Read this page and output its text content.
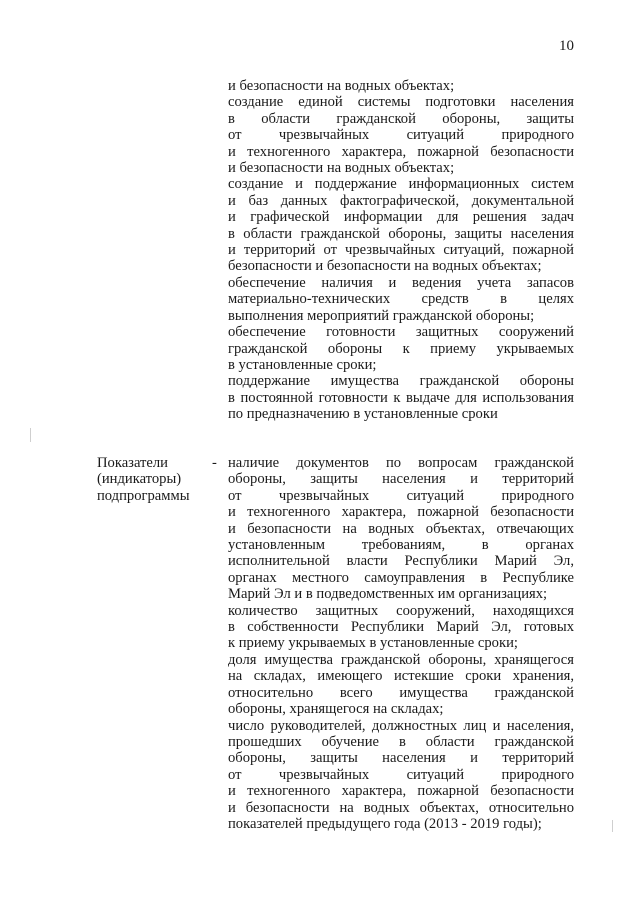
10
и безопасности на водных объектах;
создание единой системы подготовки населения
в области гражданской обороны, защиты
от чрезвычайных ситуаций природного
и техногенного характера, пожарной безопасности
и безопасности на водных объектах;
создание и поддержание информационных систем
и баз данных фактографической, документальной
и графической информации для решения задач
в области гражданской обороны, защиты населения
и территорий от чрезвычайных ситуаций, пожарной
безопасности и безопасности на водных объектах;
обеспечение наличия и ведения учета запасов
материально-технических средств в целях
выполнения мероприятий гражданской обороны;
обеспечение готовности защитных сооружений
гражданской обороны к приему укрываемых
в установленные сроки;
поддержание имущества гражданской обороны
в постоянной готовности к выдаче для использования
по предназначению в установленные сроки
Показатели
(индикаторы)
подпрограммы
- наличие документов по вопросам гражданской
обороны, защиты населения и территорий
от чрезвычайных ситуаций природного
и техногенного характера, пожарной безопасности
и безопасности на водных объектах, отвечающих
установленным требованиям, в органах
исполнительной власти Республики Марий Эл,
органах местного самоуправления в Республике
Марий Эл и в подведомственных им организациях;
количество защитных сооружений, находящихся
в собственности Республики Марий Эл, готовых
к приему укрываемых в установленные сроки;
доля имущества гражданской обороны, хранящегося
на складах, имеющего истекшие сроки хранения,
относительно всего имущества гражданской
обороны, хранящегося на складах;
число руководителей, должностных лиц и населения,
прошедших обучение в области гражданской
обороны, защиты населения и территорий
от чрезвычайных ситуаций природного
и техногенного характера, пожарной безопасности
и безопасности на водных объектах, относительно
показателей предыдущего года (2013 - 2019 годы);
